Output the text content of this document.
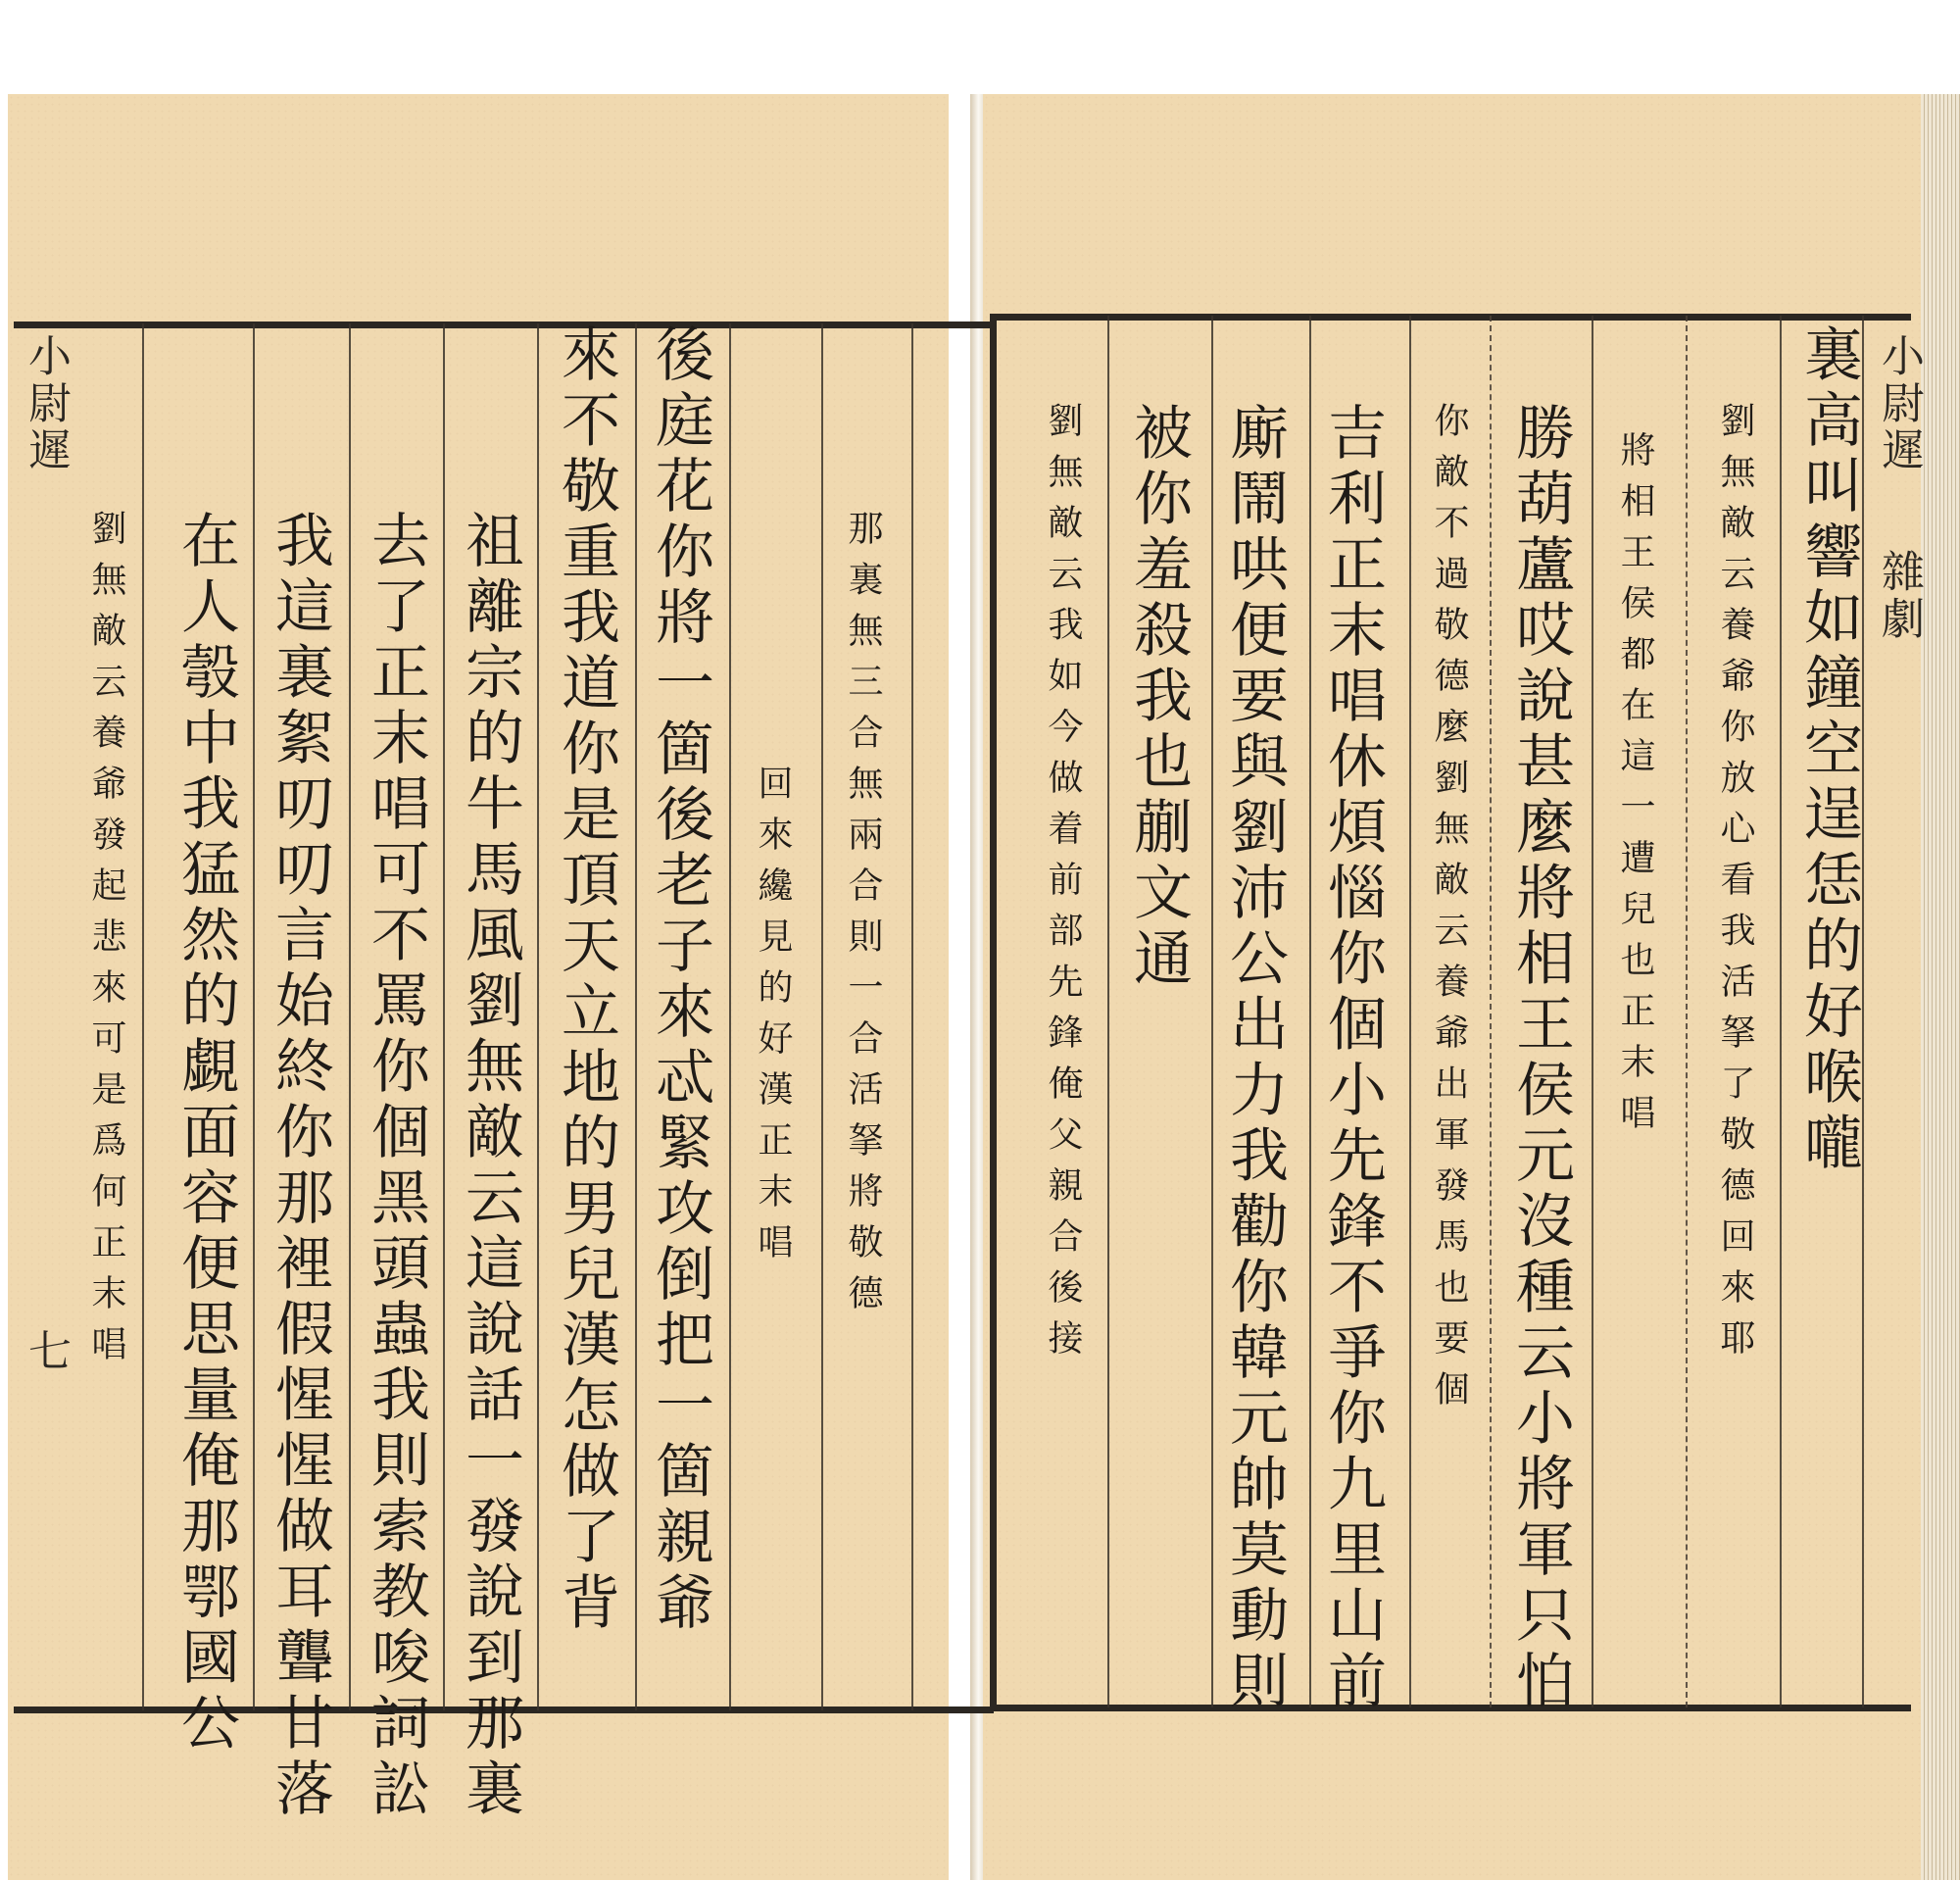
小尉遲
七 劉無敵云養爺發起悲來可是爲何正末唱 在人彀中我猛然的覷面容便思量俺那鄂國公 我這裏絮叨叨言始終你那裡假惺惺做耳聾甘落 去了正末唱可不罵你個黑頭蟲我則索教唆詞訟 祖離宗的牛馬風劉無敵云這說話一發說到那裏 來不敬重我道你是頂天立地的男兒漢怎做了背 後庭花你將一箇後老子來忒緊攻倒把一箇親爺 回來纔見的好漢正末唱 那裏無三合無兩合則一合活拏將敬德
小尉遲
雜劇
裏高叫響如鐘空逞恁的好喉嚨
劉無敵云養爺你放心看我活拏了敬德回來耶
將相王侯都在這一遭兒也正末唱
勝葫蘆哎說甚麼將相王侯元沒種云小將軍只怕
你敵不過敬德麼劉無敵云養爺出軍發馬也要個
吉利正末唱休煩惱你個小先鋒不爭你九里山前
廝鬧哄便要與劉沛公出力我勸你韓元帥莫動則
被你羞殺我也蒯文通
劉無敵云我如今做着前部先鋒俺父親合後接
